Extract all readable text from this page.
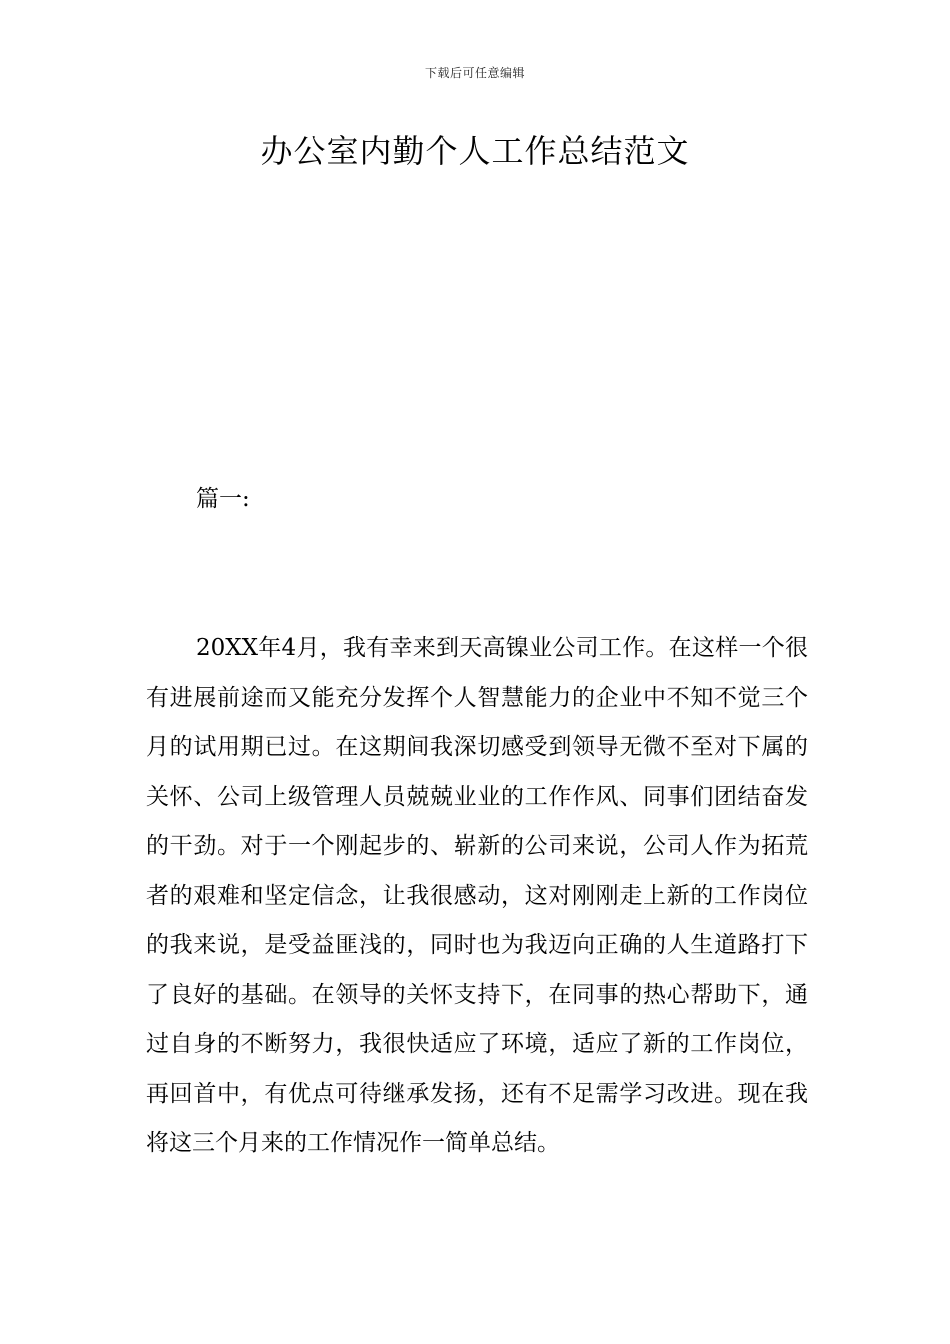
下载后可任意编辑
办公室内勤个人工作总结范文

篇一:

20XX年4月，我有幸来到天高镍业公司工作。在这样一个很有进展前途而又能充分发挥个人智慧能力的企业中不知不觉三个月的试用期已过。在这期间我深切感受到领导无微不至对下属的关怀、公司上级管理人员兢兢业业的工作作风、同事们团结奋发的干劲。对于一个刚起步的、崭新的公司来说，公司人作为拓荒者的艰难和坚定信念，让我很感动，这对刚刚走上新的工作岗位的我来说，是受益匪浅的，同时也为我迈向正确的人生道路打下了良好的基础。在领导的关怀支持下，在同事的热心帮助下，通过自身的不断努力，我很快适应了环境，适应了新的工作岗位，再回首中，有优点可待继承发扬，还有不足需学习改进。现在我将这三个月来的工作情况作一简单总结。
